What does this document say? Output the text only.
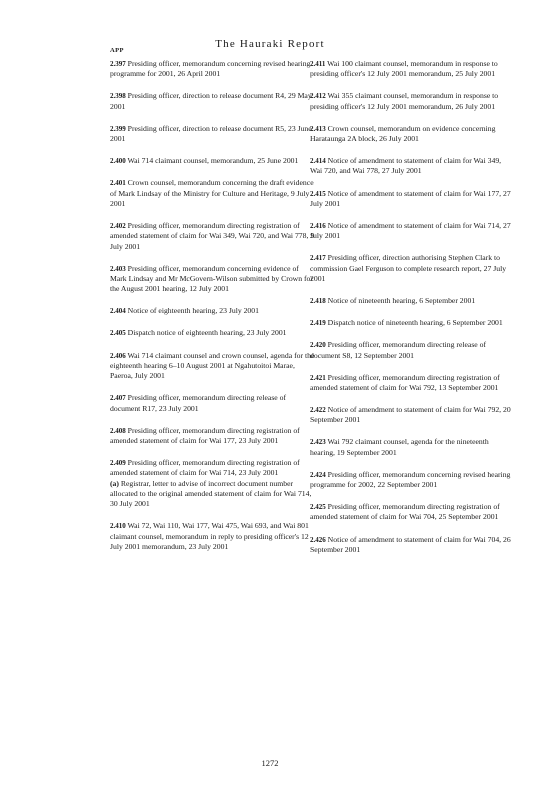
The Hauraki Report
APP

2.397 Presiding officer, memorandum concerning revised hearing programme for 2001, 26 April 2001

2.398 Presiding officer, direction to release document R4, 29 May 2001

2.399 Presiding officer, direction to release document R5, 23 June 2001

2.400 Wai 714 claimant counsel, memorandum, 25 June 2001

2.401 Crown counsel, memorandum concerning the draft evidence of Mark Lindsay of the Ministry for Culture and Heritage, 9 July 2001

2.402 Presiding officer, memorandum directing registration of amended statement of claim for Wai 349, Wai 720, and Wai 778, 9 July 2001

2.403 Presiding officer, memorandum concerning evidence of Mark Lindsay and Mr McGovern-Wilson submitted by Crown for the August 2001 hearing, 12 July 2001

2.404 Notice of eighteenth hearing, 23 July 2001

2.405 Dispatch notice of eighteenth hearing, 23 July 2001

2.406 Wai 714 claimant counsel and crown counsel, agenda for the eighteenth hearing 6–10 August 2001 at Ngahutoitoi Marae, Paeroa, July 2001

2.407 Presiding officer, memorandum directing release of document R17, 23 July 2001

2.408 Presiding officer, memorandum directing registration of amended statement of claim for Wai 177, 23 July 2001

2.409 Presiding officer, memorandum directing registration of amended statement of claim for Wai 714, 23 July 2001
(a) Registrar, letter to advise of incorrect document number allocated to the original amended statement of claim for Wai 714, 30 July 2001

2.410 Wai 72, Wai 110, Wai 177, Wai 475, Wai 693, and Wai 801 claimant counsel, memorandum in reply to presiding officer's 12 July 2001 memorandum, 23 July 2001

2.411 Wai 100 claimant counsel, memorandum in response to presiding officer's 12 July 2001 memorandum, 25 July 2001

2.412 Wai 355 claimant counsel, memorandum in response to presiding officer's 12 July 2001 memorandum, 26 July 2001

2.413 Crown counsel, memorandum on evidence concerning Harataunga 2A block, 26 July 2001

2.414 Notice of amendment to statement of claim for Wai 349, Wai 720, and Wai 778, 27 July 2001

2.415 Notice of amendment to statement of claim for Wai 177, 27 July 2001

2.416 Notice of amendment to statement of claim for Wai 714, 27 July 2001

2.417 Presiding officer, direction authorising Stephen Clark to commission Gael Ferguson to complete research report, 27 July 2001

2.418 Notice of nineteenth hearing, 6 September 2001

2.419 Dispatch notice of nineteenth hearing, 6 September 2001

2.420 Presiding officer, memorandum directing release of document S8, 12 September 2001

2.421 Presiding officer, memorandum directing registration of amended statement of claim for Wai 792, 13 September 2001

2.422 Notice of amendment to statement of claim for Wai 792, 20 September 2001

2.423 Wai 792 claimant counsel, agenda for the nineteenth hearing, 19 September 2001

2.424 Presiding officer, memorandum concerning revised hearing programme for 2002, 22 September 2001

2.425 Presiding officer, memorandum directing registration of amended statement of claim for Wai 704, 25 September 2001

2.426 Notice of amendment to statement of claim for Wai 704, 26 September 2001

1272
